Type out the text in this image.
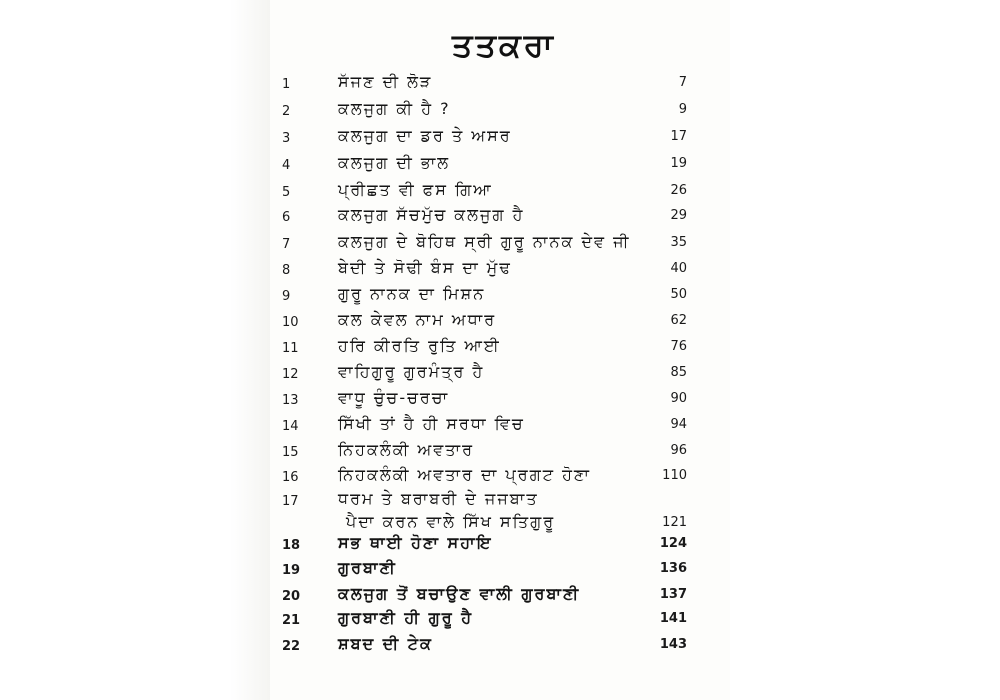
ਤਤਕਰਾ
1	ਸੱਜਣ ਦੀ ਲੋੜ	7
2	ਕਲਜੁਗ ਕੀ ਹੈ ?	9
3	ਕਲਜੁਗ ਦਾ ਡਰ ਤੇ ਅਸਰ	17
4	ਕਲਜੁਗ ਦੀ ਭਾਲ	19
5	ਪ੍ਰੀਛਤ ਵੀ ਫਸ ਗਿਆ	26
6	ਕਲਜੁਗ ਸੱਚਮੁੱਚ ਕਲਜੁਗ ਹੈ	29
7	ਕਲਜੁਗ ਦੇ ਬੋਹਿਥ ਸ੍ਰੀ ਗੁਰੂ ਨਾਨਕ ਦੇਵ ਜੀ	35
8	ਬੇਦੀ ਤੇ ਸੋਢੀ ਬੰਸ ਦਾ ਮੁੱਢ	40
9	ਗੁਰੂ ਨਾਨਕ ਦਾ ਮਿਸ਼ਨ	50
10	ਕਲ ਕੇਵਲ ਨਾਮ ਅਧਾਰ	62
11	ਹਰਿ ਕੀਰਤਿ ਰੁਤਿ ਆਈ	76
12	ਵਾਹਿਗੁਰੂ ਗੁਰਮੰਤ੍ਰ ਹੈ	85
13	ਵਾਧੂ ਚੁੰਚ-ਚਰਚਾ	90
14	ਸਿੱਖੀ ਤਾਂ ਹੈ ਹੀ ਸਰਧਾ ਵਿਚ	94
15	ਨਿਹਕਲੰਕੀ ਅਵਤਾਰ	96
16	ਨਿਹਕਲੰਕੀ ਅਵਤਾਰ ਦਾ ਪ੍ਰਗਟ ਹੋਣਾ	110
17	ਧਰਮ ਤੇ ਬਰਾਬਰੀ ਦੇ ਜਜਬਾਤ
ਪੈਦਾ ਕਰਨ ਵਾਲੇ ਸਿੱਖ ਸਤਿਗੁਰੂ	121
18	ਸਭ ਥਾਈ ਹੋਣਾ ਸਹਾਇ	124
19	ਗੁਰਬਾਣੀ	136
20	ਕਲਜੁਗ ਤੋਂ ਬਚਾਉਣ ਵਾਲੀ ਗੁਰਬਾਣੀ	137
21	ਗੁਰਬਾਣੀ ਹੀ ਗੁਰੂ ਹੈ	141
22	ਸ਼ਬਦ ਦੀ ਟੇਕ	143
